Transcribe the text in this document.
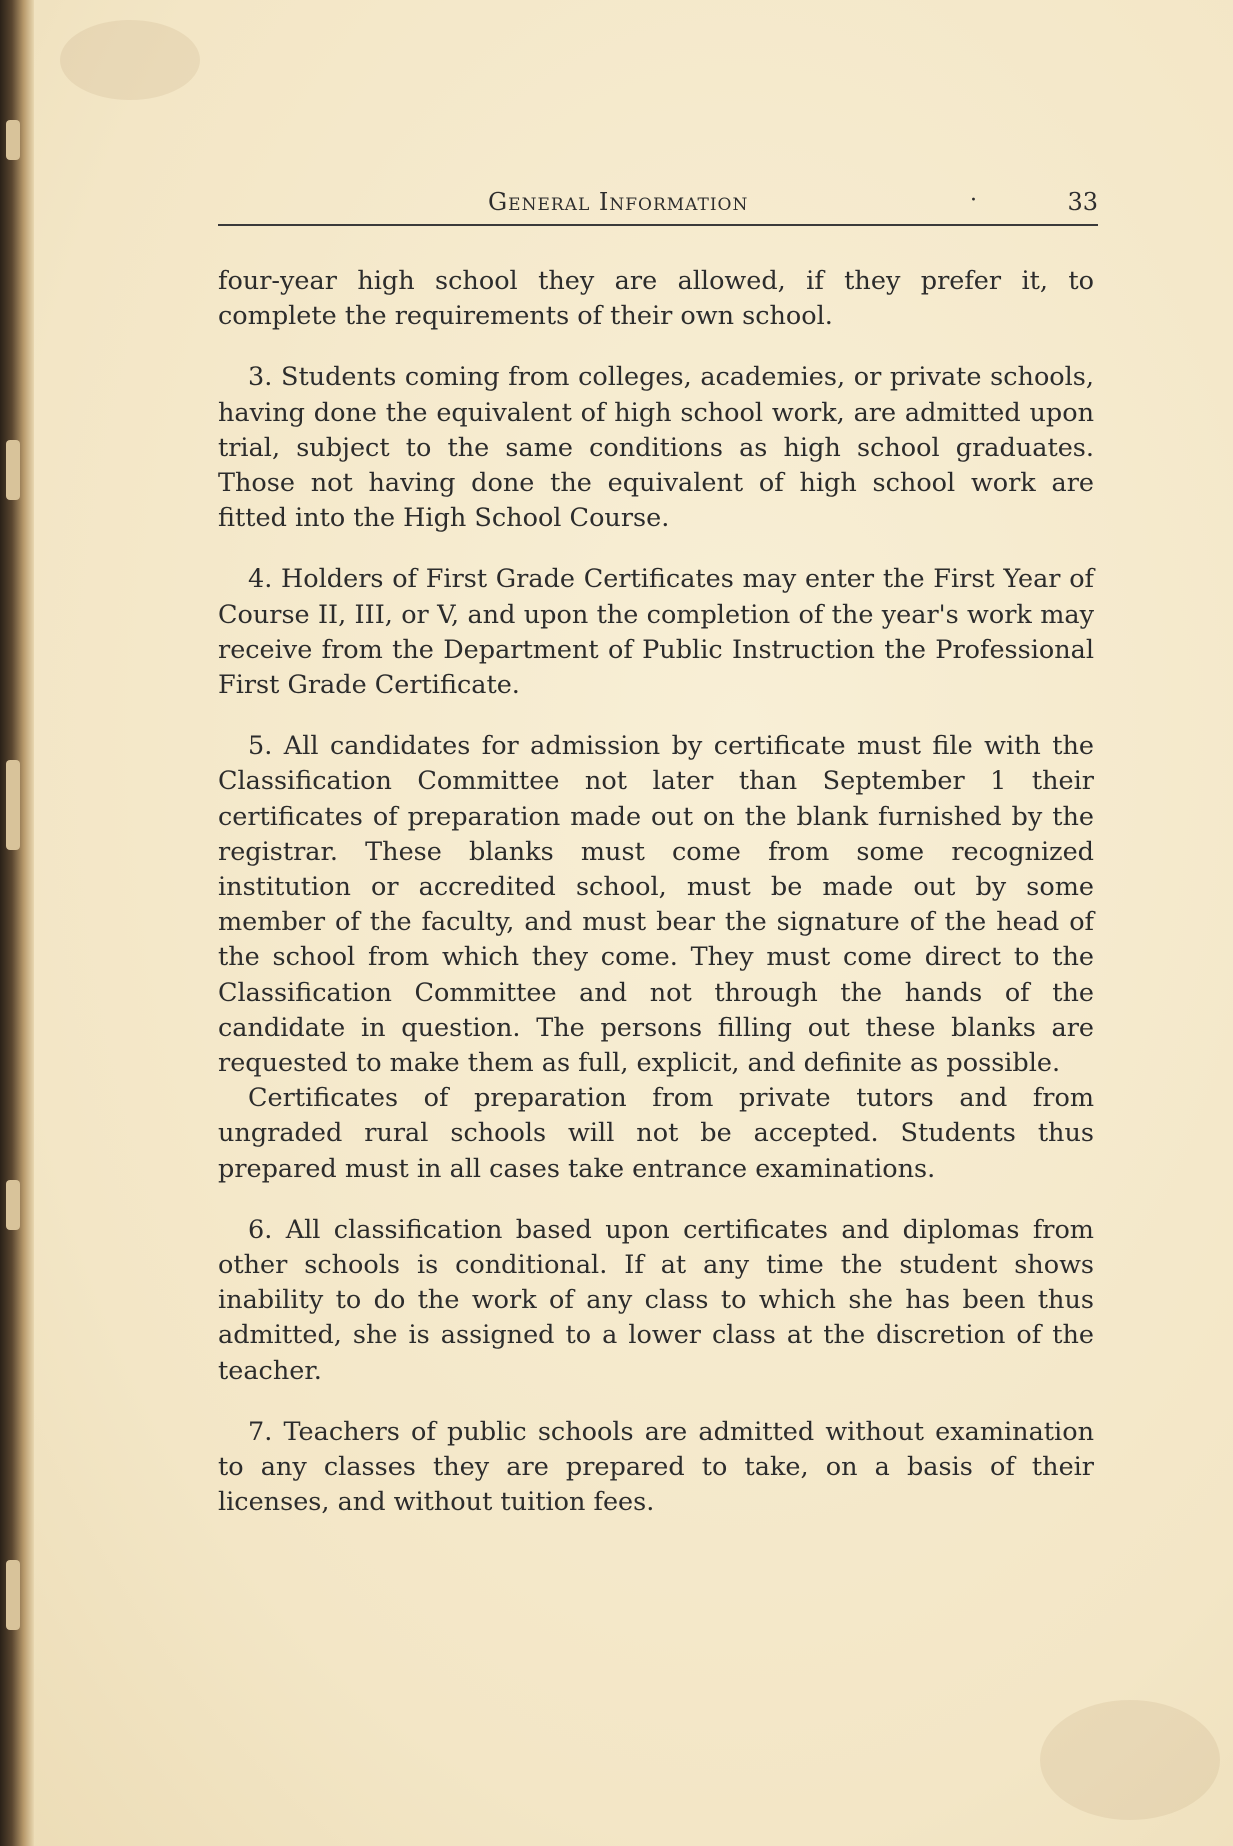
General Information	·	33

four-year high school they are allowed, if they prefer it, to complete the requirements of their own school.

3. Students coming from colleges, academies, or private schools, having done the equivalent of high school work, are admitted upon trial, subject to the same conditions as high school graduates. Those not having done the equivalent of high school work are fitted into the High School Course.

4. Holders of First Grade Certificates may enter the First Year of Course II, III, or V, and upon the completion of the year's work may receive from the Department of Public Instruction the Professional First Grade Certificate.

5. All candidates for admission by certificate must file with the Classification Committee not later than September 1 their certificates of preparation made out on the blank furnished by the registrar. These blanks must come from some recognized institution or accredited school, must be made out by some member of the faculty, and must bear the signature of the head of the school from which they come. They must come direct to the Classification Committee and not through the hands of the candidate in question. The persons filling out these blanks are requested to make them as full, explicit, and definite as possible.

Certificates of preparation from private tutors and from ungraded rural schools will not be accepted. Students thus prepared must in all cases take entrance examinations.

6. All classification based upon certificates and diplomas from other schools is conditional. If at any time the student shows inability to do the work of any class to which she has been thus admitted, she is assigned to a lower class at the discretion of the teacher.

7. Teachers of public schools are admitted without examination to any classes they are prepared to take, on a basis of their licenses, and without tuition fees.
